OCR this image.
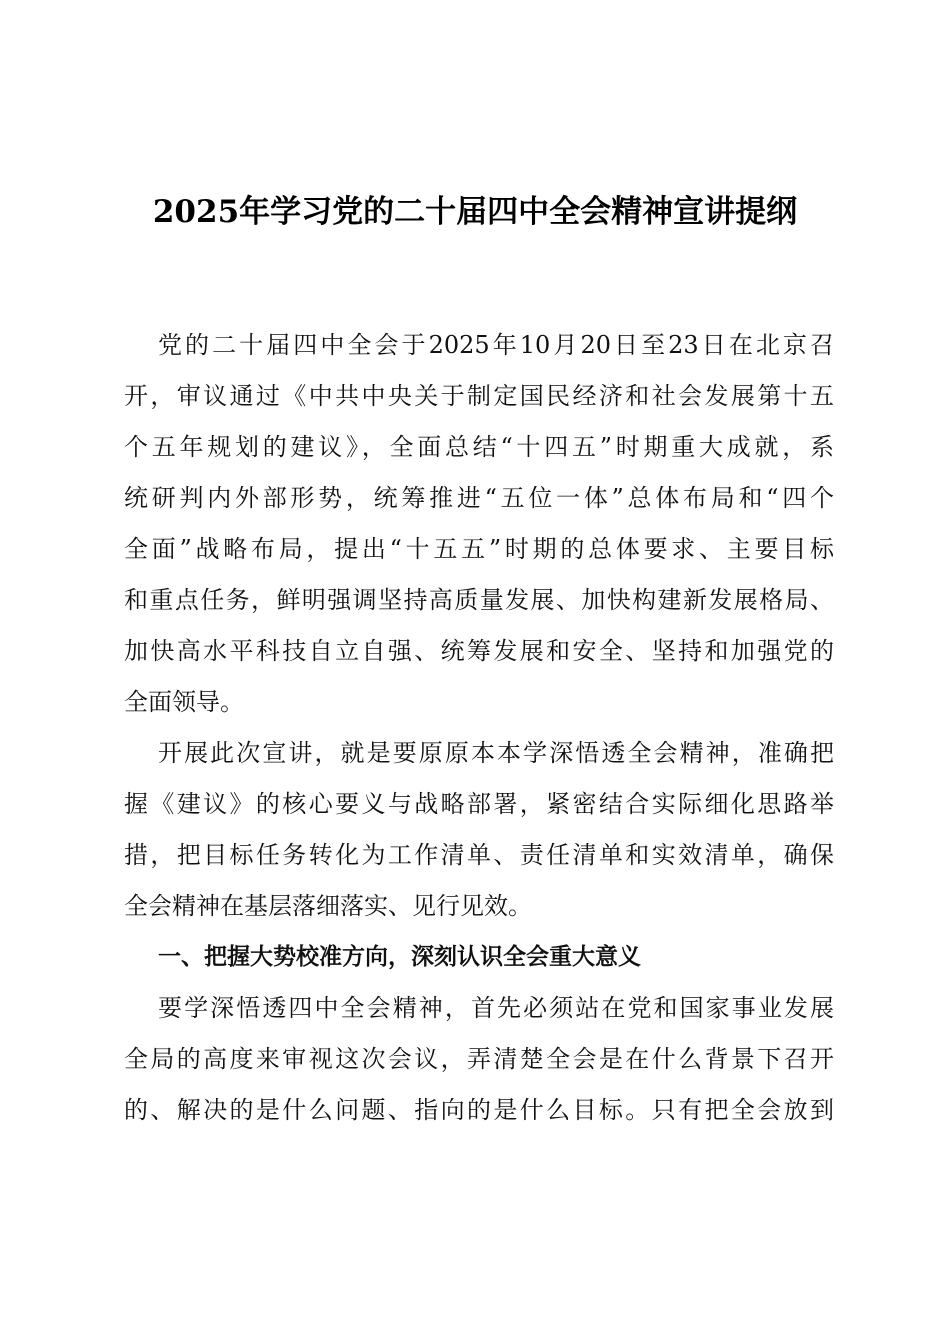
2025年学习党的二十届四中全会精神宣讲提纲
党的二十届四中全会于2025年10月20日至23日在北京召
开，审议通过《中共中央关于制定国民经济和社会发展第十五
个五年规划的建议》，全面总结“十四五”时期重大成就，系
统研判内外部形势，统筹推进“五位一体”总体布局和“四个
全面”战略布局，提出“十五五”时期的总体要求、主要目标
和重点任务，鲜明强调坚持高质量发展、加快构建新发展格局、
加快高水平科技自立自强、统筹发展和安全、坚持和加强党的
全面领导。
开展此次宣讲，就是要原原本本学深悟透全会精神，准确把
握《建议》的核心要义与战略部署，紧密结合实际细化思路举
措，把目标任务转化为工作清单、责任清单和实效清单，确保
全会精神在基层落细落实、见行见效。
一、把握大势校准方向，深刻认识全会重大意义
要学深悟透四中全会精神，首先必须站在党和国家事业发展
全局的高度来审视这次会议，弄清楚全会是在什么背景下召开
的、解决的是什么问题、指向的是什么目标。只有把全会放到
